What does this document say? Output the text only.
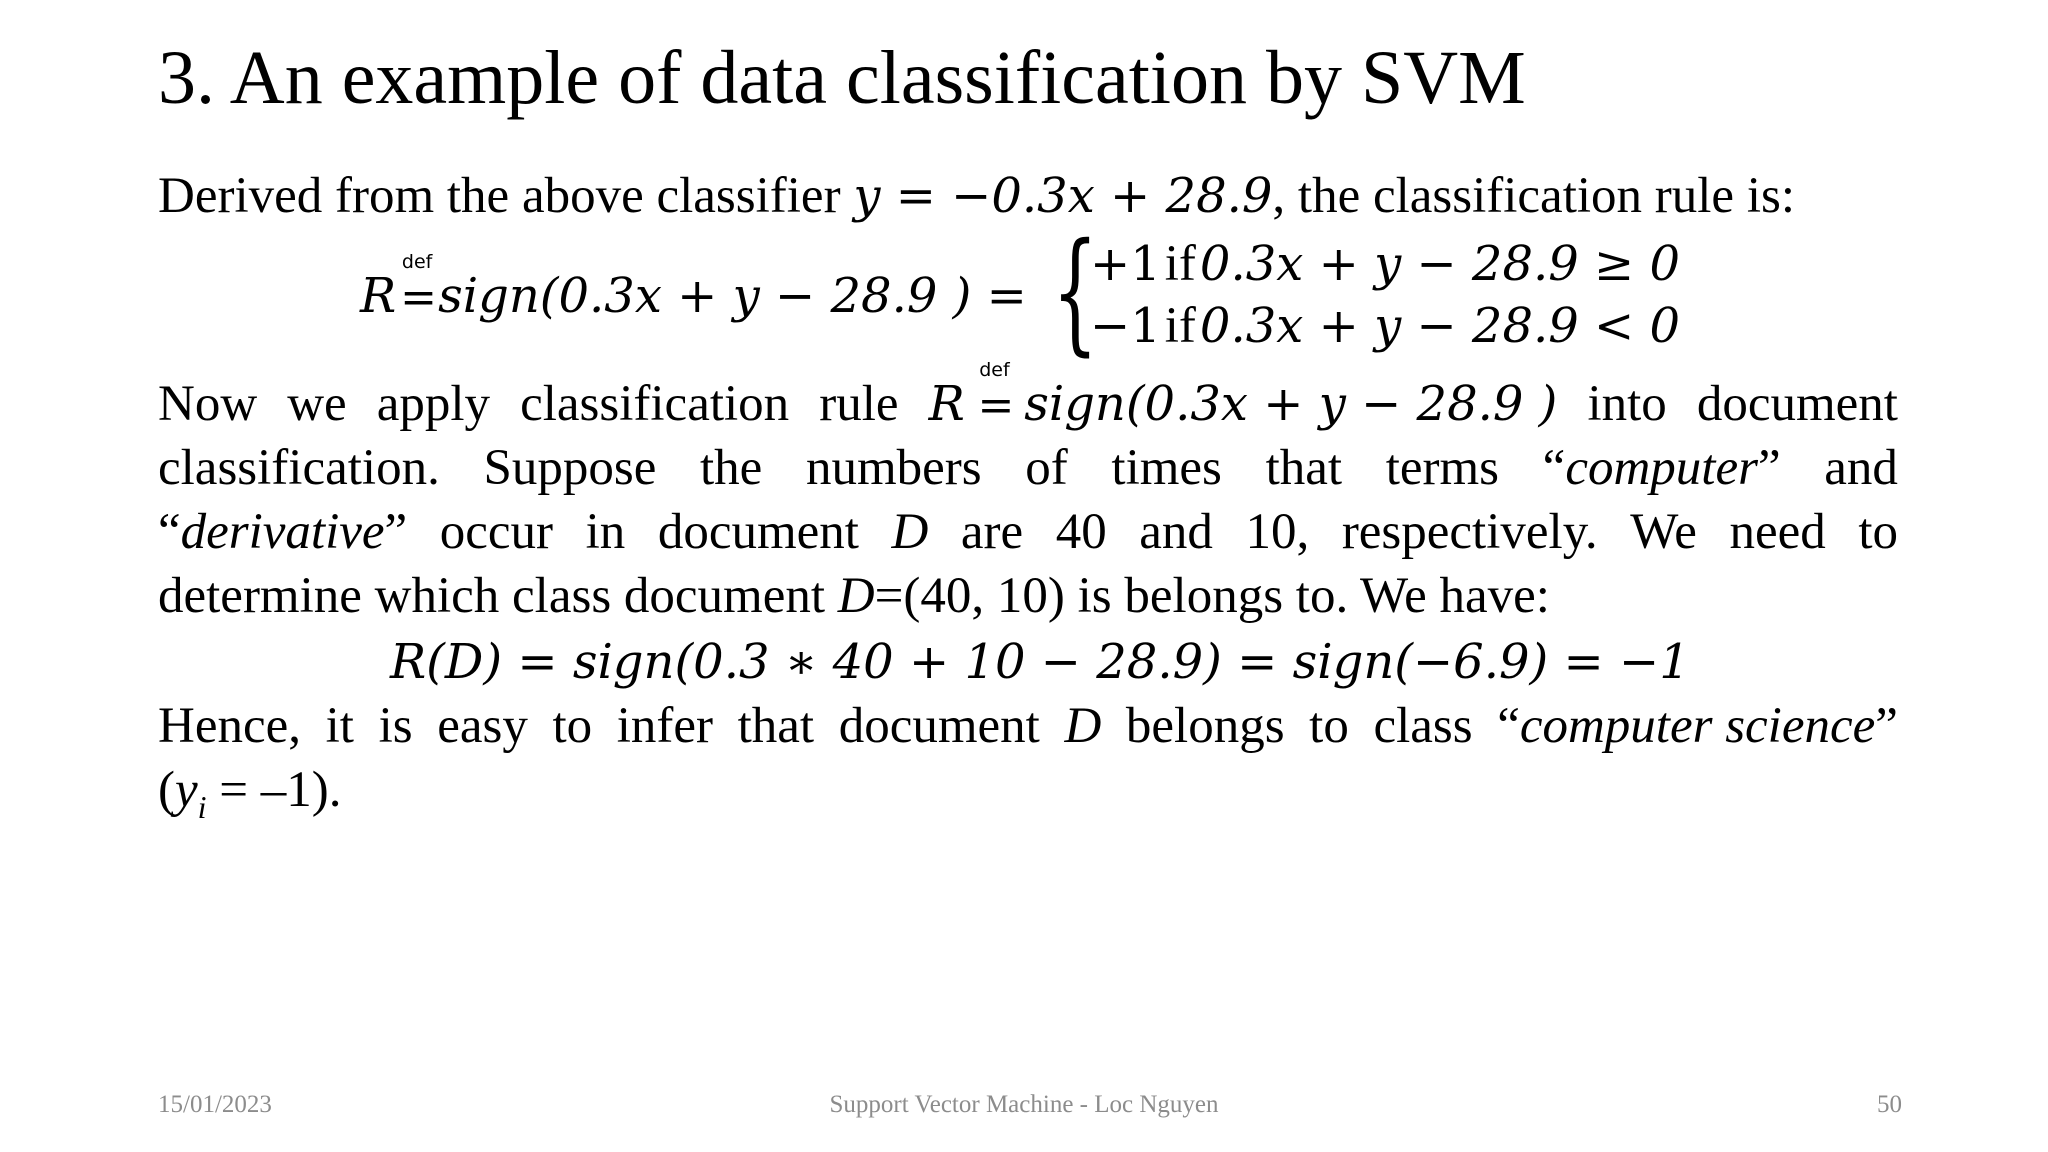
3. An example of data classification by SVM
Derived from the above classifier y = −0.3x + 28.9, the classification rule is:
R
def
= sign(0.3x + y − 28.9 ) = {
+1 if 0.3x + y − 28.9 ≥ 0
−1 if 0.3x + y − 28.9 < 0
Now we apply classification rule R
def
= sign(0.3x + y − 28.9 ) into document
classification. Suppose the numbers of times that terms “computer” and
“derivative” occur in document D are 40 and 10, respectively. We need to
determine which class document D=(40, 10) is belongs to. We have:
R(D) = sign(0.3 ∗ 40 + 10 − 28.9) = sign(−6.9) = −1
Hence, it is easy to infer that document D belongs to class “computer science”
$(y_i = -1)$.
15/01/2023	Support Vector Machine - Loc Nguyen	50
